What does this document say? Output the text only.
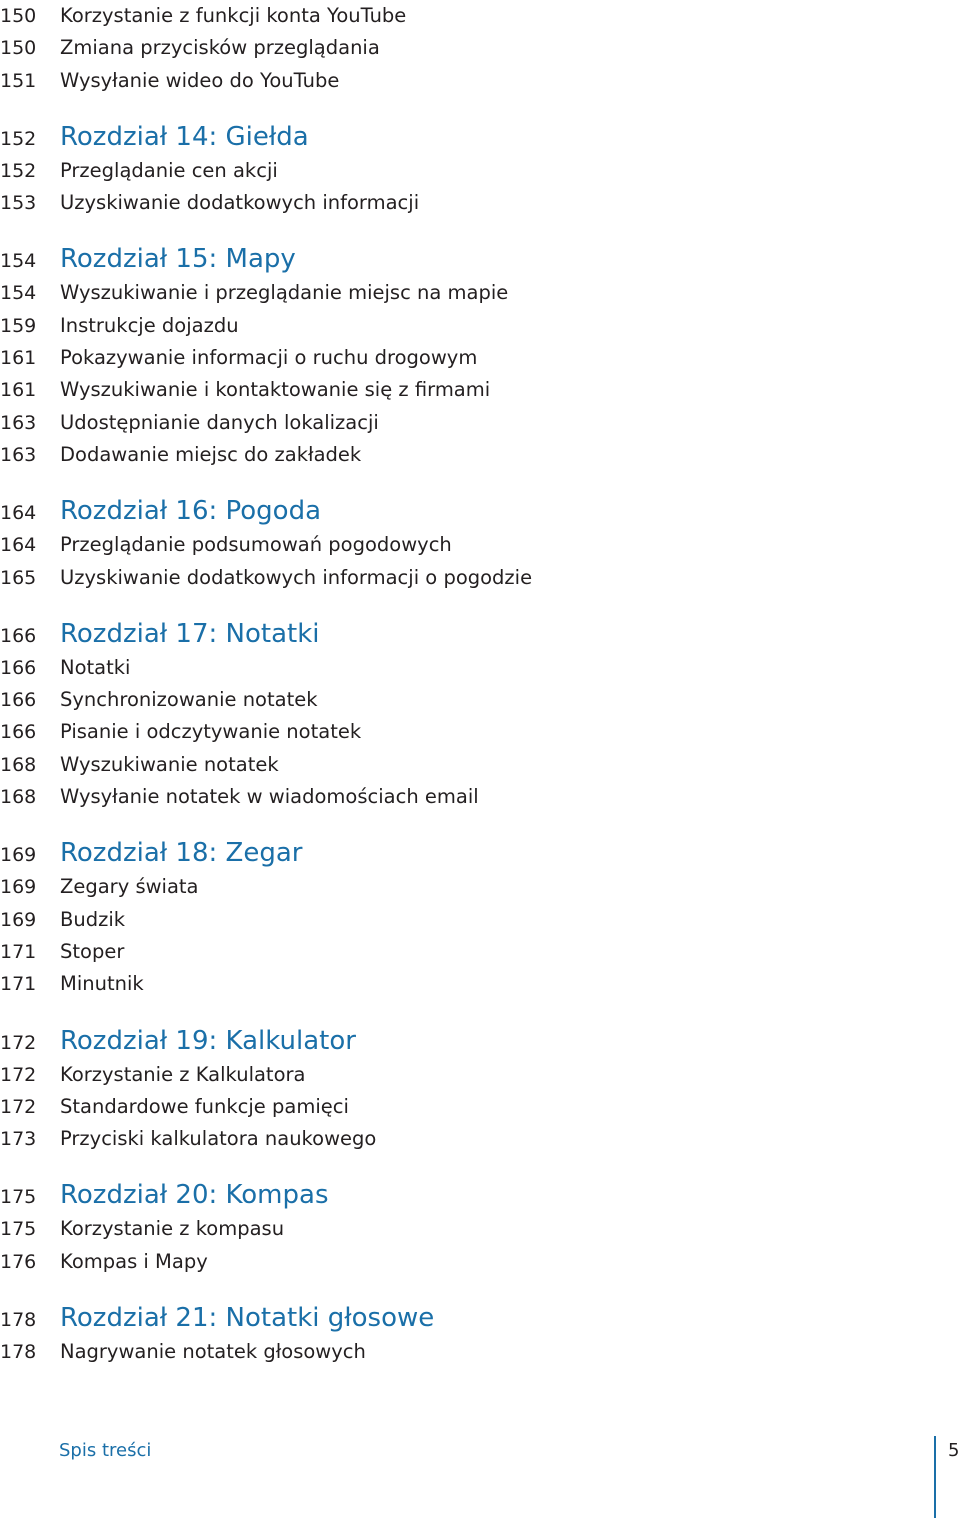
150	Korzystanie z funkcji konta YouTube
150	Zmiana przycisków przeglądania
151	Wysyłanie wideo do YouTube
152 Rozdział 14: Giełda
152	Przeglądanie cen akcji
153	Uzyskiwanie dodatkowych informacji
154 Rozdział 15: Mapy
154	Wyszukiwanie i przeglądanie miejsc na mapie
159	Instrukcje dojazdu
161	Pokazywanie informacji o ruchu drogowym
161	Wyszukiwanie i kontaktowanie się z firmami
163	Udostępnianie danych lokalizacji
163	Dodawanie miejsc do zakładek
164 Rozdział 16: Pogoda
164	Przeglądanie podsumowań pogodowych
165	Uzyskiwanie dodatkowych informacji o pogodzie
166 Rozdział 17: Notatki
166	Notatki
166	Synchronizowanie notatek
166	Pisanie i odczytywanie notatek
168	Wyszukiwanie notatek
168	Wysyłanie notatek w wiadomościach email
169 Rozdział 18: Zegar
169	Zegary świata
169	Budzik
171	Stoper
171	Minutnik
172 Rozdział 19: Kalkulator
172	Korzystanie z Kalkulatora
172	Standardowe funkcje pamięci
173	Przyciski kalkulatora naukowego
175 Rozdział 20: Kompas
175	Korzystanie z kompasu
176	Kompas i Mapy
178 Rozdział 21: Notatki głosowe
178	Nagrywanie notatek głosowych
Spis treści	5
